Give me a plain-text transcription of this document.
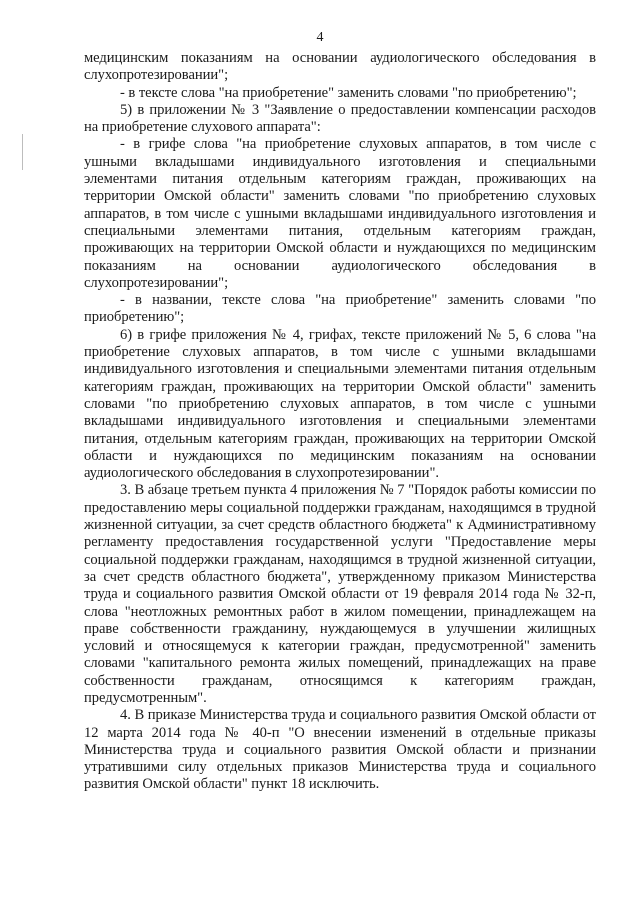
4

медицинским показаниям на основании аудиологического обследования в слухопротезировании";

- в тексте слова "на приобретение" заменить словами "по приобретению";

5) в приложении № 3 "Заявление о предоставлении компенсации расходов на приобретение слухового аппарата":

- в грифе слова "на приобретение слуховых аппаратов, в том числе с ушными вкладышами индивидуального изготовления и специальными элементами питания отдельным категориям граждан, проживающих на территории Омской области" заменить словами "по приобретению слуховых аппаратов, в том числе с ушными вкладышами индивидуального изготовления и специальными элементами питания, отдельным категориям граждан, проживающих на территории Омской области и нуждающихся по медицинским показаниям на основании аудиологического обследования в слухопротезировании";

- в названии, тексте слова "на приобретение" заменить словами "по приобретению";

6) в грифе приложения № 4, грифах, тексте приложений № 5, 6 слова "на приобретение слуховых аппаратов, в том числе с ушными вкладышами индивидуального изготовления и специальными элементами питания отдельным категориям граждан, проживающих на территории Омской области" заменить словами "по приобретению слуховых аппаратов, в том числе с ушными вкладышами индивидуального изготовления и специальными элементами питания, отдельным категориям граждан, проживающих на территории Омской области и нуждающихся по медицинским показаниям на основании аудиологического обследования в слухопротезировании".

3. В абзаце третьем пункта 4 приложения № 7 "Порядок работы комиссии по предоставлению меры социальной поддержки гражданам, находящимся в трудной жизненной ситуации, за счет средств областного бюджета" к Административному регламенту предоставления государственной услуги "Предоставление меры социальной поддержки гражданам, находящимся в трудной жизненной ситуации, за счет средств областного бюджета", утвержденному приказом Министерства труда и социального развития Омской области от 19 февраля 2014 года № 32-п, слова "неотложных ремонтных работ в жилом помещении, принадлежащем на праве собственности гражданину, нуждающемуся в улучшении жилищных условий и относящемуся к категории граждан, предусмотренной" заменить словами "капитального ремонта жилых помещений, принадлежащих на праве собственности гражданам, относящимся к категориям граждан, предусмотренным".

4. В приказе Министерства труда и социального развития Омской области от 12 марта 2014 года № 40-п "О внесении изменений в отдельные приказы Министерства труда и социального развития Омской области и признании утратившими силу отдельных приказов Министерства труда и социального развития Омской области" пункт 18 исключить.
